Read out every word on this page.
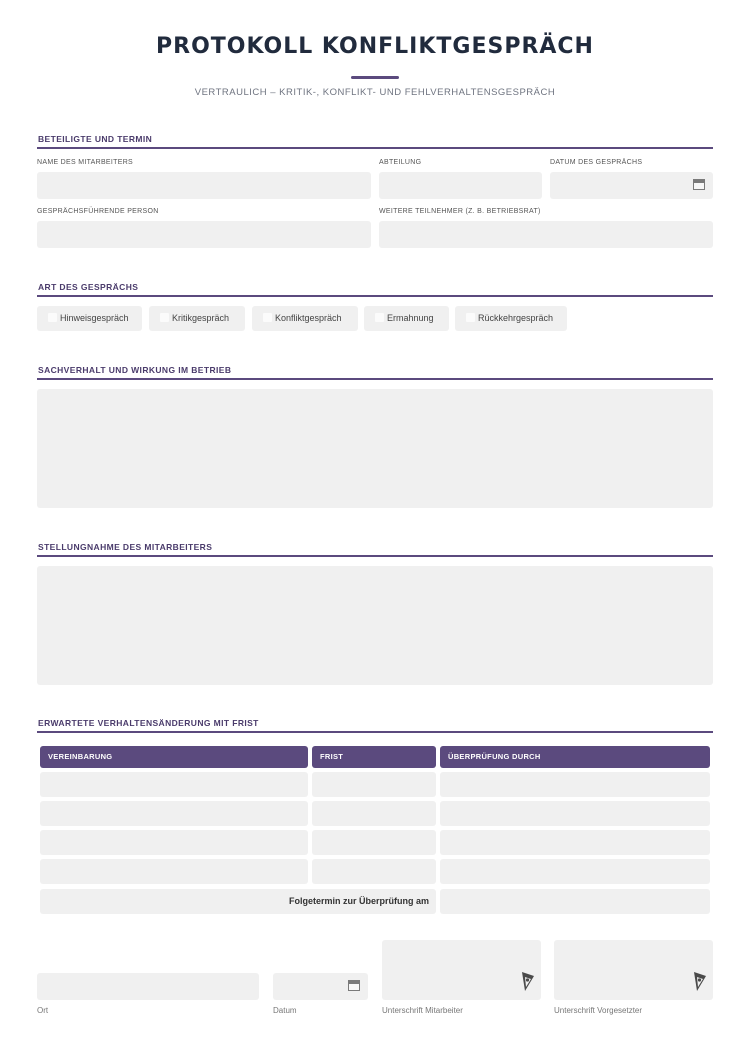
PROTOKOLL KONFLIKTGESPRÄCH
VERTRAULICH – KRITIK-, KONFLIKT- UND FEHLVERHALTENSGESPRÄCH
BETEILIGTE UND TERMIN
NAME DES MITARBEITERS	ABTEILUNG	DATUM DES GESPRÄCHS
GESPRÄCHSFÜHRENDE PERSON	WEITERE TEILNEHMER (Z. B. BETRIEBSRAT)
ART DES GESPRÄCHS
Hinweisgespräch	Kritikgespräch	Konfliktgespräch	Ermahnung	Rückkehrgespräch
SACHVERHALT UND WIRKUNG IM BETRIEB
STELLUNGNAHME DES MITARBEITERS
ERWARTETE VERHALTENSÄNDERUNG MIT FRIST
VEREINBARUNG	FRIST	ÜBERPRÜFUNG DURCH
Folgetermin zur Überprüfung am
Ort	Datum	Unterschrift Mitarbeiter	Unterschrift Vorgesetzter
